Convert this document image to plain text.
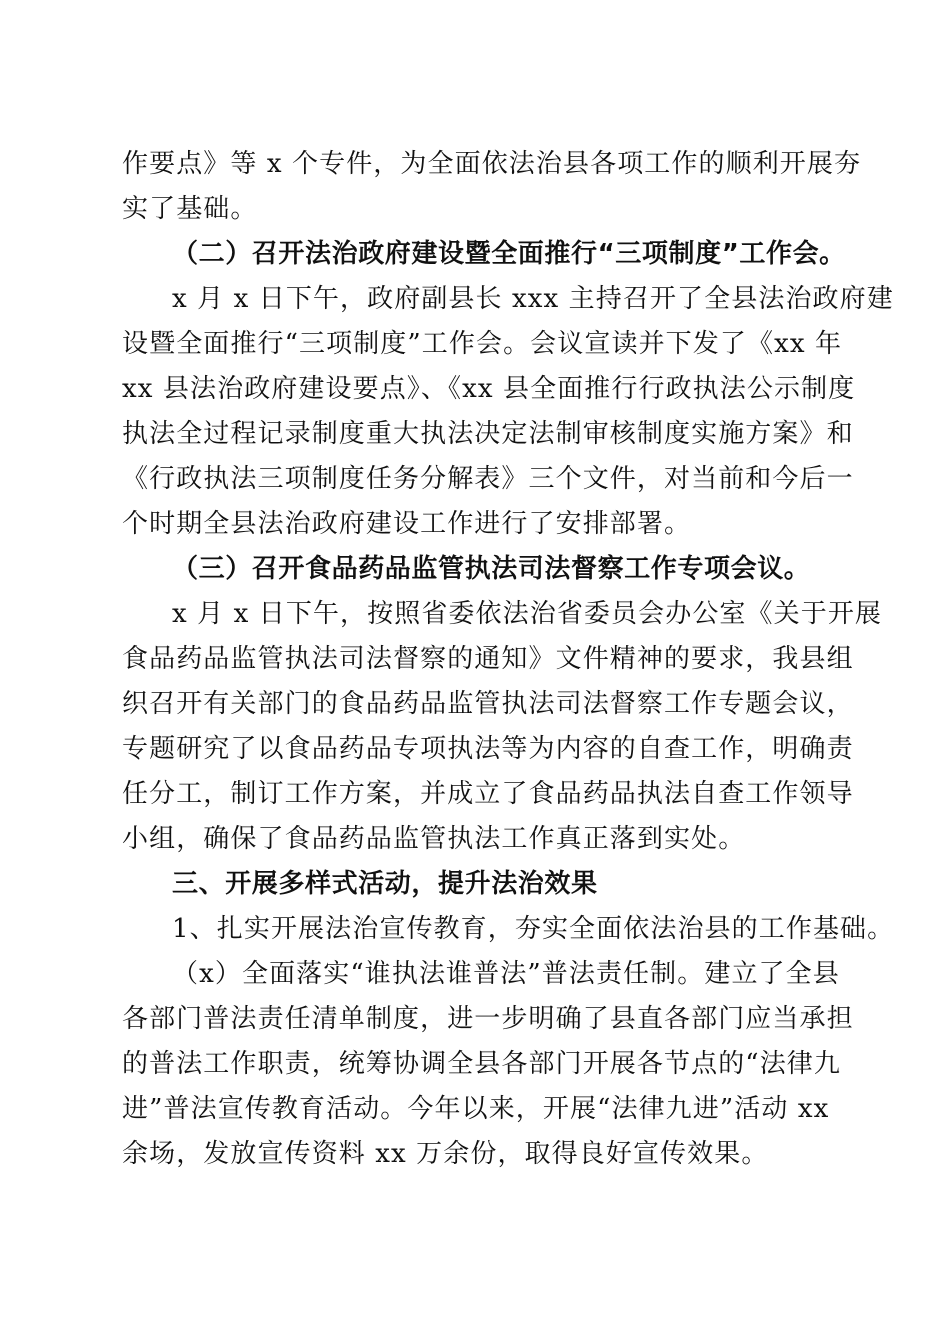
作要点》等 x 个专件，为全面依法治县各项工作的顺利开展夯
实了基础。
（二）召开法治政府建设暨全面推行“三项制度”工作会。
x 月 x 日下午，政府副县长 xxx 主持召开了全县法治政府建
设暨全面推行“三项制度”工作会。会议宣读并下发了《xx 年
xx 县法治政府建设要点》、《xx 县全面推行行政执法公示制度
执法全过程记录制度重大执法决定法制审核制度实施方案》和
《行政执法三项制度任务分解表》三个文件，对当前和今后一
个时期全县法治政府建设工作进行了安排部署。
（三）召开食品药品监管执法司法督察工作专项会议。
x 月 x 日下午，按照省委依法治省委员会办公室《关于开展
食品药品监管执法司法督察的通知》文件精神的要求，我县组
织召开有关部门的食品药品监管执法司法督察工作专题会议，
专题研究了以食品药品专项执法等为内容的自查工作，明确责
任分工，制订工作方案，并成立了食品药品执法自查工作领导
小组，确保了食品药品监管执法工作真正落到实处。
三、开展多样式活动，提升法治效果
1、扎实开展法治宣传教育，夯实全面依法治县的工作基础。
（x）全面落实“谁执法谁普法”普法责任制。建立了全县
各部门普法责任清单制度，进一步明确了县直各部门应当承担
的普法工作职责，统筹协调全县各部门开展各节点的“法律九
进”普法宣传教育活动。今年以来，开展“法律九进”活动 xx
余场，发放宣传资料 xx 万余份，取得良好宣传效果。
